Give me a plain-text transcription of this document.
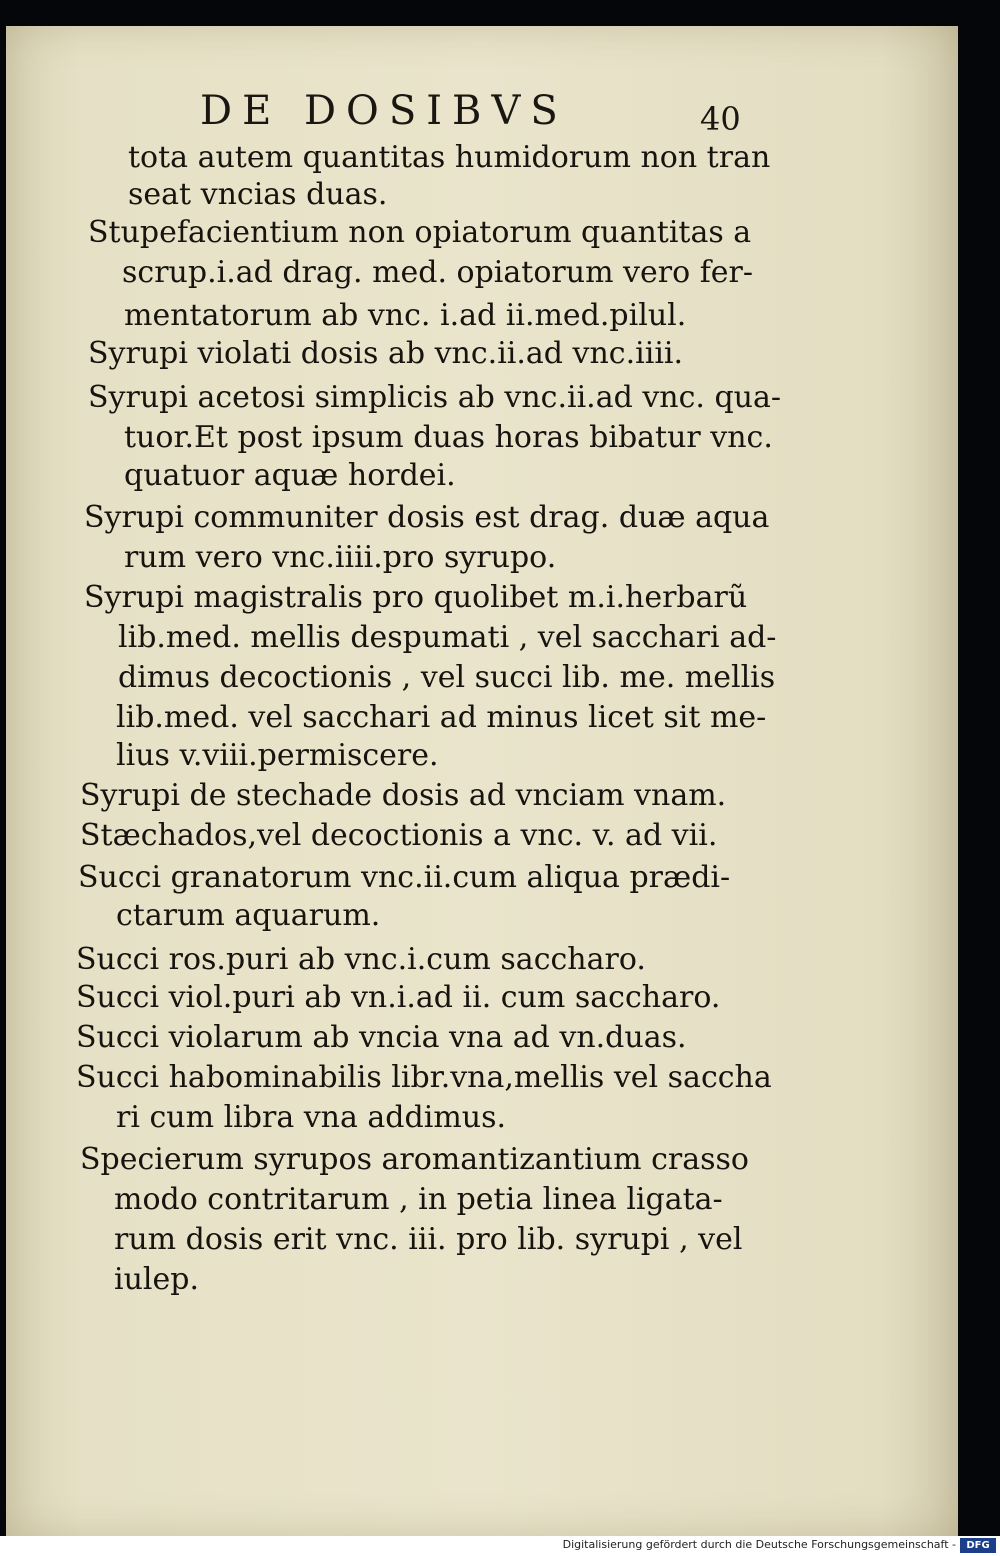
DE DOSIBVS	40
tota autem quantitas humidorum non tran
seat vncias duas.
Stupefacientium non opiatorum quantitas a
scrup.i.ad drag. med. opiatorum vero fer-
mentatorum ab vnc. i.ad ii.med.pilul.
Syrupi violati dosis ab vnc.ii.ad vnc.iiii.
Syrupi acetosi simplicis ab vnc.ii.ad vnc. qua-
tuor.Et post ipsum duas horas bibatur vnc.
quatuor aquæ hordei.
Syrupi communiter dosis est drag. duæ aqua
rum vero vnc.iiii.pro syrupo.
Syrupi magistralis pro quolibet m.i.herbarũ
lib.med. mellis despumati , vel sacchari ad-
dimus decoctionis , vel succi lib. me. mellis
lib.med. vel sacchari ad minus licet sit me-
lius v.viii.permiscere.
Syrupi de stechade dosis ad vnciam vnam.
Stæchados,vel decoctionis a vnc. v. ad vii.
Succi granatorum vnc.ii.cum aliqua prædi-
ctarum aquarum.
Succi ros.puri ab vnc.i.cum saccharo.
Succi viol.puri ab vn.i.ad ii. cum saccharo.
Succi violarum ab vncia vna ad vn.duas.
Succi habominabilis libr.vna,mellis vel saccha
ri cum libra vna addimus.
Specierum syrupos aromantizantium crasso
modo contritarum , in petia linea ligata-
rum dosis erit vnc. iii. pro lib. syrupi , vel
iulep.
Digitalisierung gefördert durch die Deutsche Forschungsgemeinschaft -	DFG
